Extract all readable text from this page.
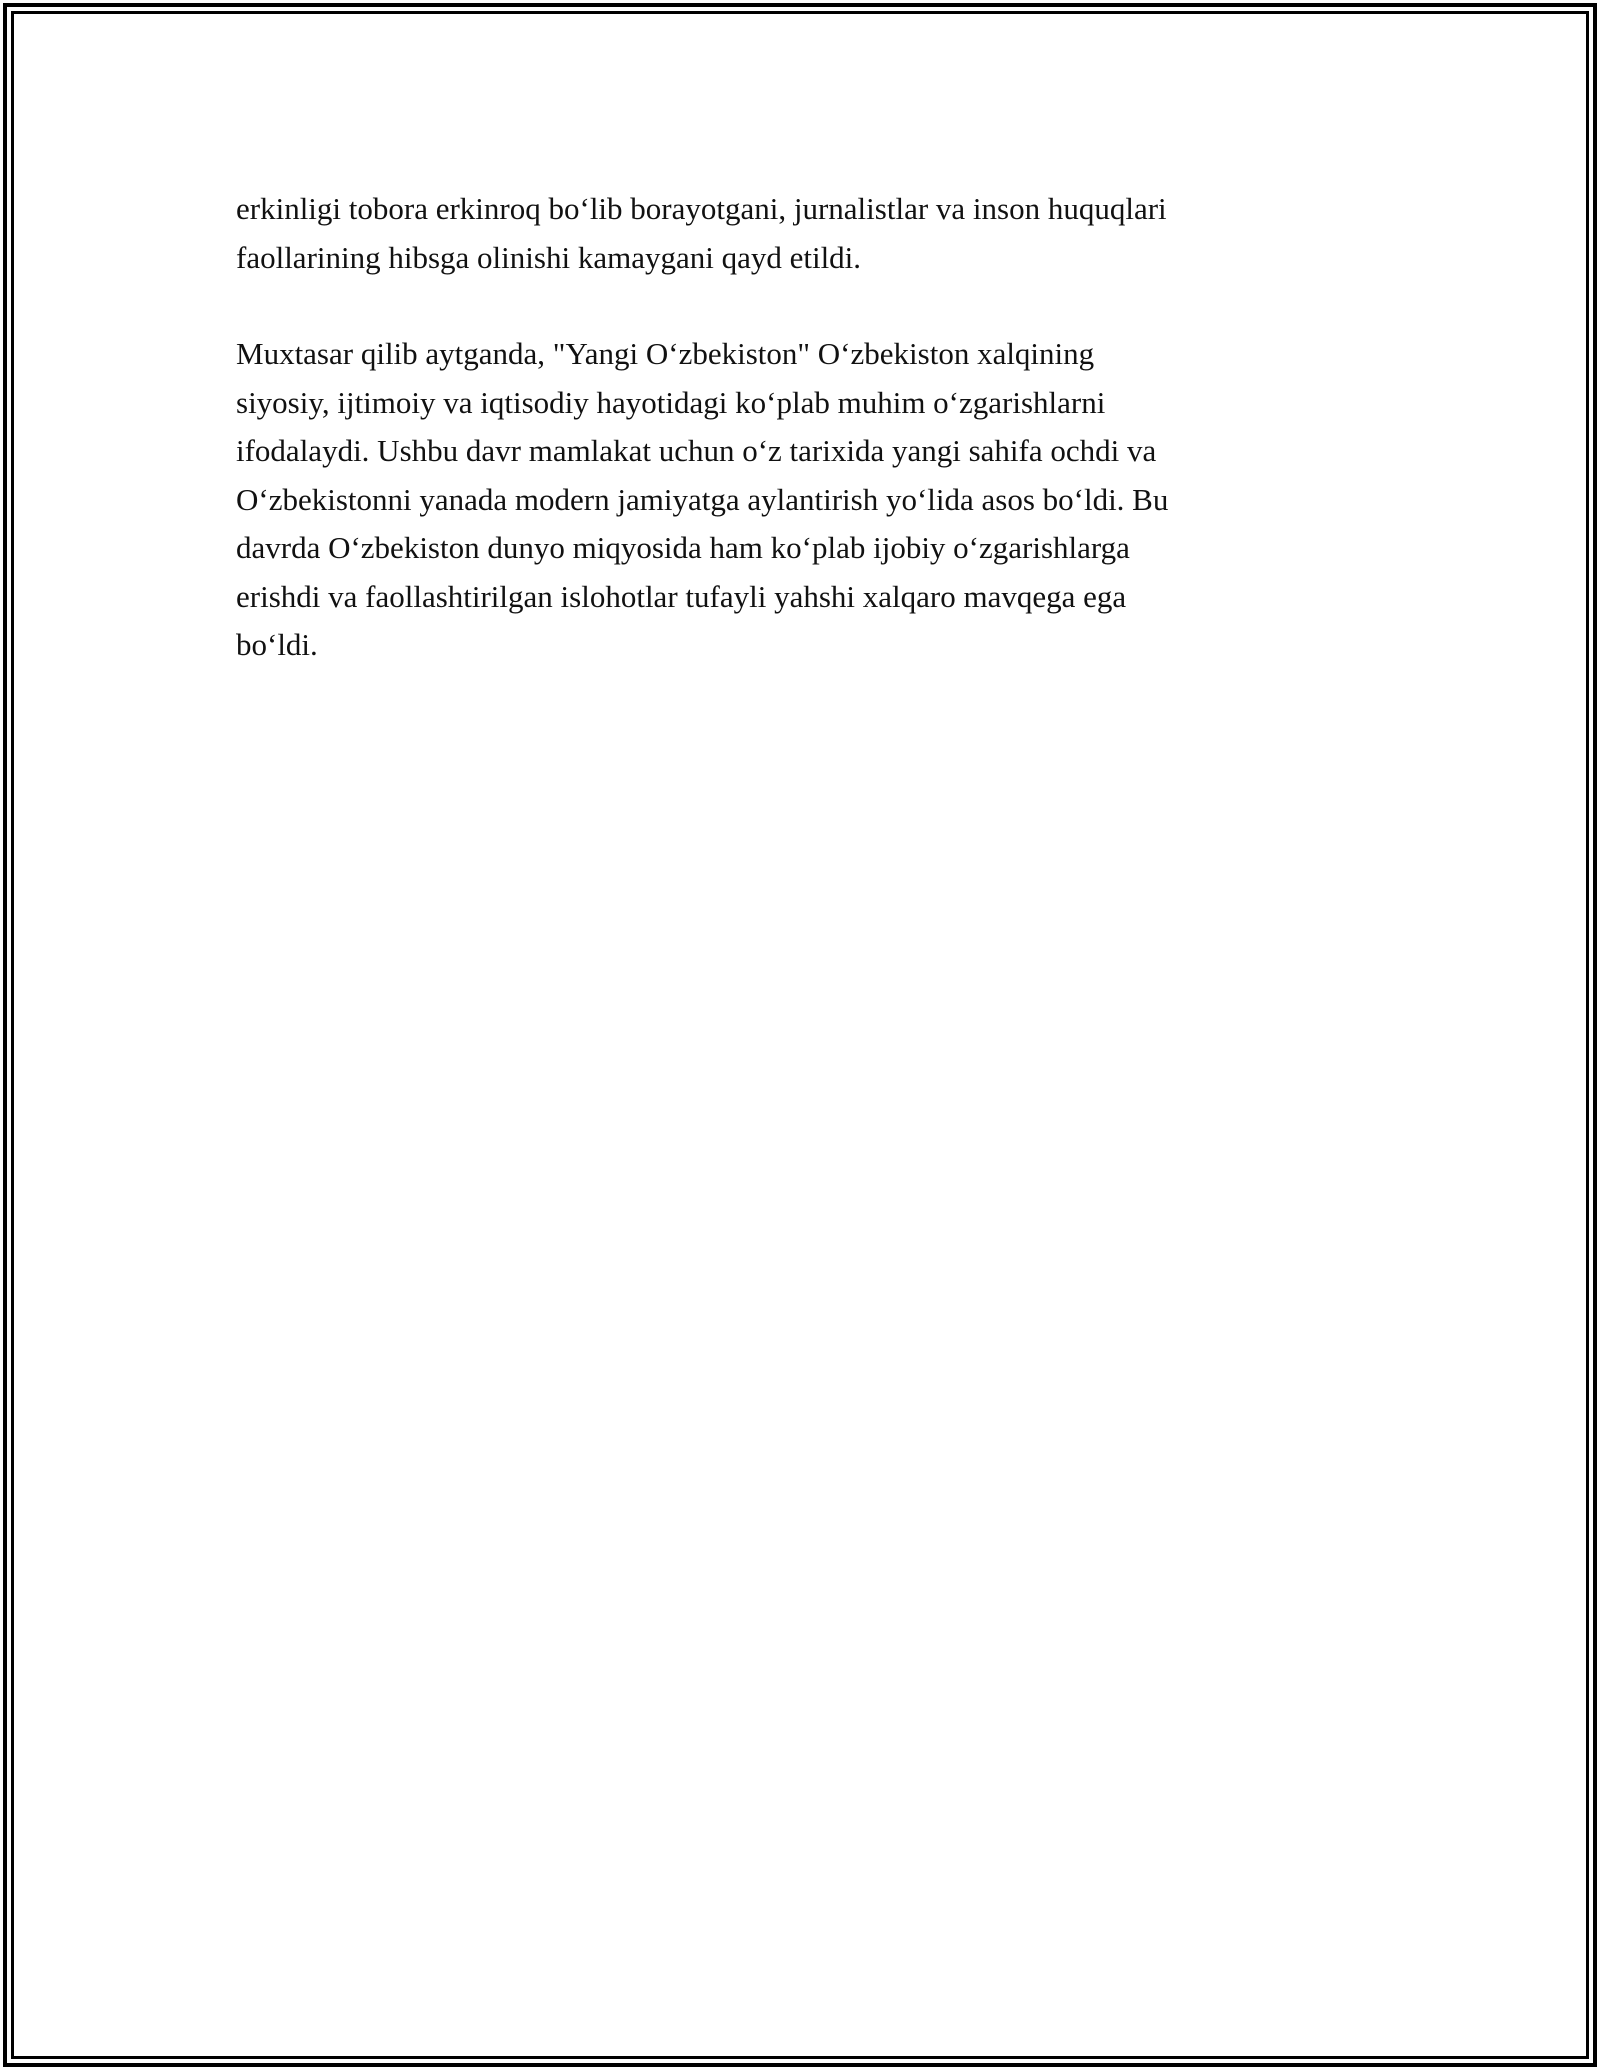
erkinligi tobora erkinroq bo‘lib borayotgani, jurnalistlar va inson huquqlari
faollarining hibsga olinishi kamaygani qayd etildi.

Muxtasar qilib aytganda, "Yangi O‘zbekiston" O‘zbekiston xalqining
siyosiy, ijtimoiy va iqtisodiy hayotidagi ko‘plab muhim o‘zgarishlarni
ifodalaydi. Ushbu davr mamlakat uchun o‘z tarixida yangi sahifa ochdi va
O‘zbekistonni yanada modern jamiyatga aylantirish yo‘lida asos bo‘ldi. Bu
davrda O‘zbekiston dunyo miqyosida ham ko‘plab ijobiy o‘zgarishlarga
erishdi va faollashtirilgan islohotlar tufayli yahshi xalqaro mavqega ega
bo‘ldi.
